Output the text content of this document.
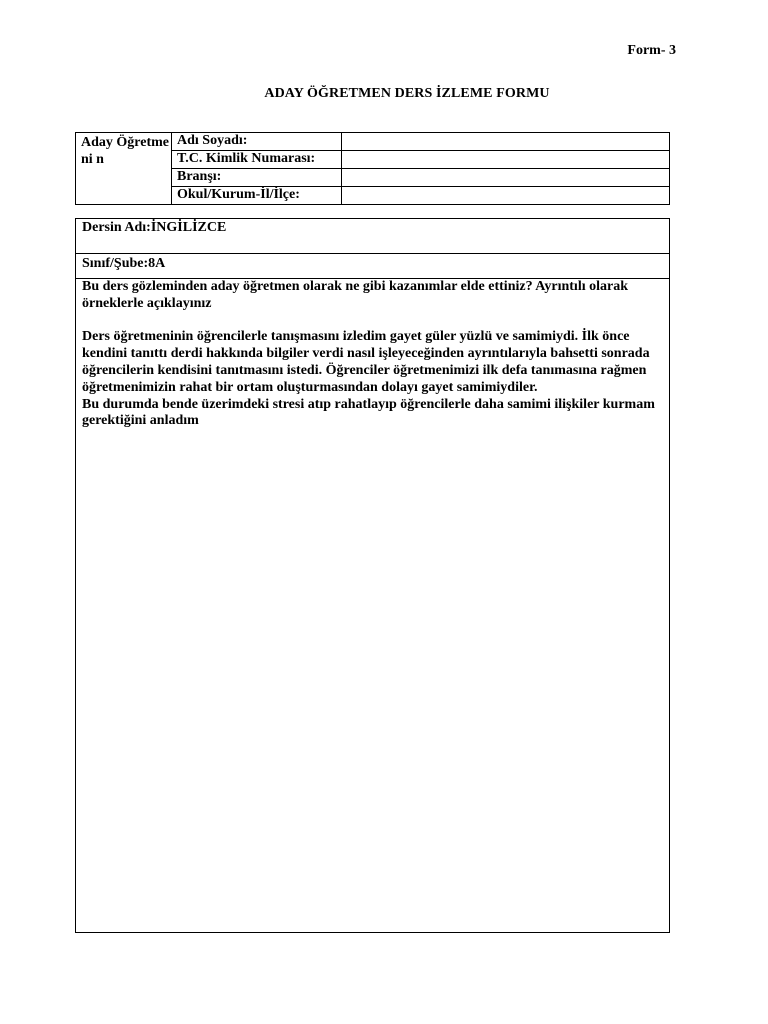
Form- 3
ADAY ÖĞRETMEN DERS İZLEME FORMU
Aday Öğretmeni n	Adı Soyadı:	
	T.C. Kimlik Numarası:	
	Branşı:	
	Okul/Kurum-İl/İlçe:	
Dersin Adı:İNGİLİZCE
Sınıf/Şube:8A

Bu ders gözleminden aday öğretmen olarak ne gibi kazanımlar elde ettiniz? Ayrıntılı olarak örneklerle açıklayınız

Ders öğretmeninin öğrencilerle tanışmasını izledim gayet güler yüzlü ve samimiydi. İlk önce kendini tanıttı derdi hakkında bilgiler verdi nasıl işleyeceğinden ayrıntılarıyla bahsetti sonrada öğrencilerin kendisini tanıtmasını istedi. Öğrenciler öğretmenimizi ilk defa tanımasına rağmen öğretmenimizin rahat bir ortam oluşturmasından dolayı gayet samimiydiler.

Bu durumda bende üzerimdeki stresi atıp rahatlayıp öğrencilerle daha samimi ilişkiler kurmam gerektiğini anladım
